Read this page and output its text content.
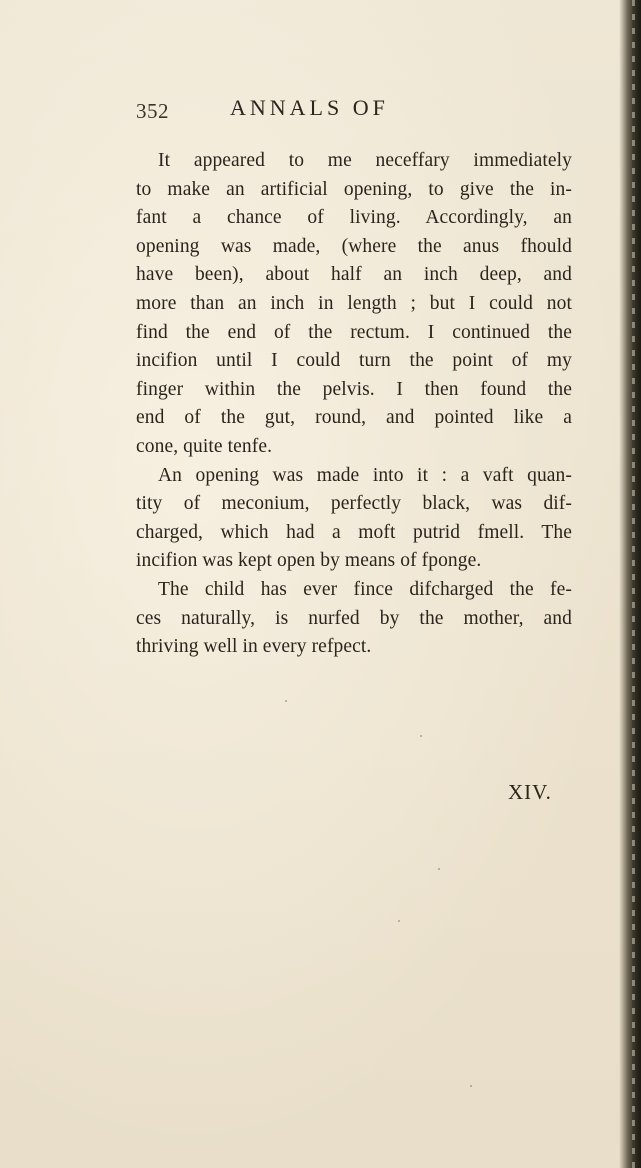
352	ANNALS OF

It appeared to me neceffary immediately
to make an artificial opening, to give the in-
fant a chance of living. Accordingly, an
opening was made, (where the anus fhould
have been), about half an inch deep, and
more than an inch in length ; but I could not
find the end of the rectum. I continued the
incifion until I could turn the point of my
finger within the pelvis. I then found the
end of the gut, round, and pointed like a
cone, quite tenfe.

An opening was made into it : a vaft quan-
tity of meconium, perfectly black, was dif-
charged, which had a moft putrid fmell. The
incifion was kept open by means of fponge.

The child has ever fince difcharged the fe-
ces naturally, is nurfed by the mother, and
thriving well in every refpect.

XIV.
